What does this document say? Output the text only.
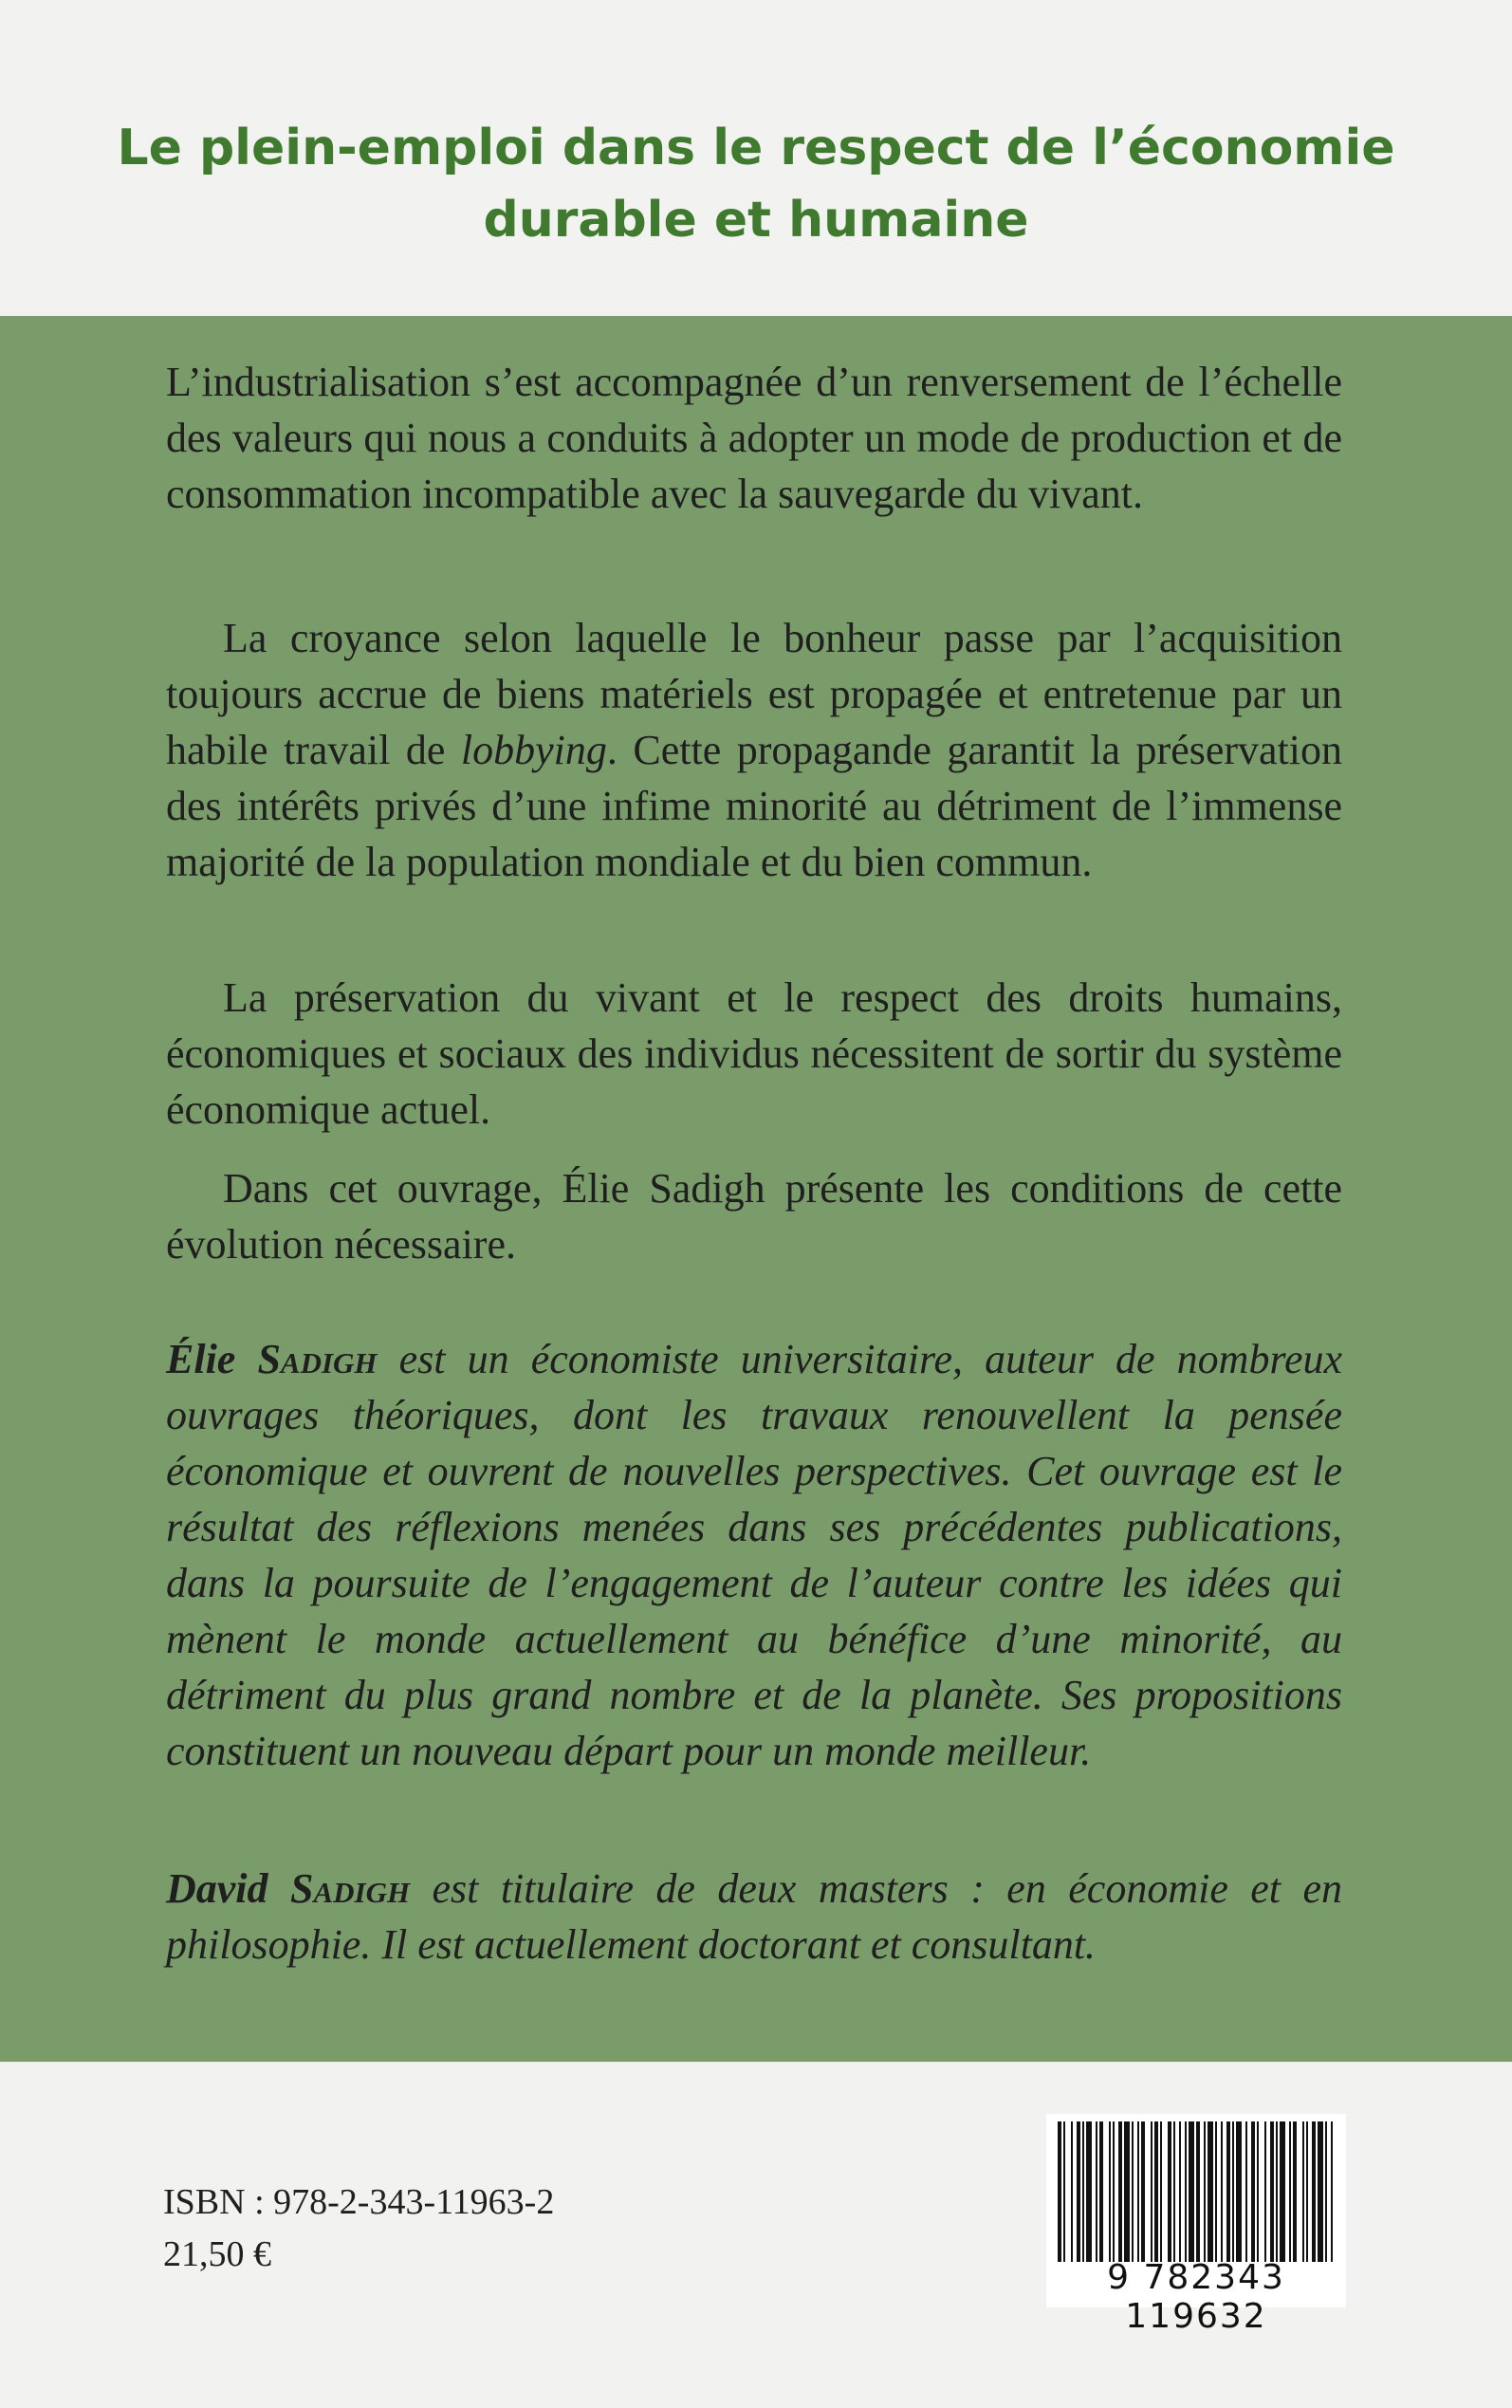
Le plein-emploi dans le respect de l’économie
durable et humaine

L’industrialisation s’est accompagnée d’un renversement de l’échelle des valeurs qui nous a conduits à adopter un mode de production et de consommation incompatible avec la sauvegarde du vivant.

La croyance selon laquelle le bonheur passe par l’acquisition toujours accrue de biens matériels est propagée et entretenue par un habile travail de lobbying. Cette propagande garantit la préservation des intérêts privés d’une infime minorité au détriment de l’immense majorité de la population mondiale et du bien commun.

La préservation du vivant et le respect des droits humains, économiques et sociaux des individus nécessitent de sortir du système économique actuel.

Dans cet ouvrage, Élie Sadigh présente les conditions de cette évolution nécessaire.

Élie Sadigh est un économiste universitaire, auteur de nombreux ouvrages théoriques, dont les travaux renouvellent la pensée économique et ouvrent de nouvelles perspectives. Cet ouvrage est le résultat des réflexions menées dans ses précédentes publications, dans la poursuite de l’engagement de l’auteur contre les idées qui mènent le monde actuellement au bénéfice d’une minorité, au détriment du plus grand nombre et de la planète. Ses propositions constituent un nouveau départ pour un monde meilleur.

David Sadigh est titulaire de deux masters : en économie et en philosophie. Il est actuellement doctorant et consultant.

ISBN : 978-2-343-11963-2
21,50 €
9 782343 119632
